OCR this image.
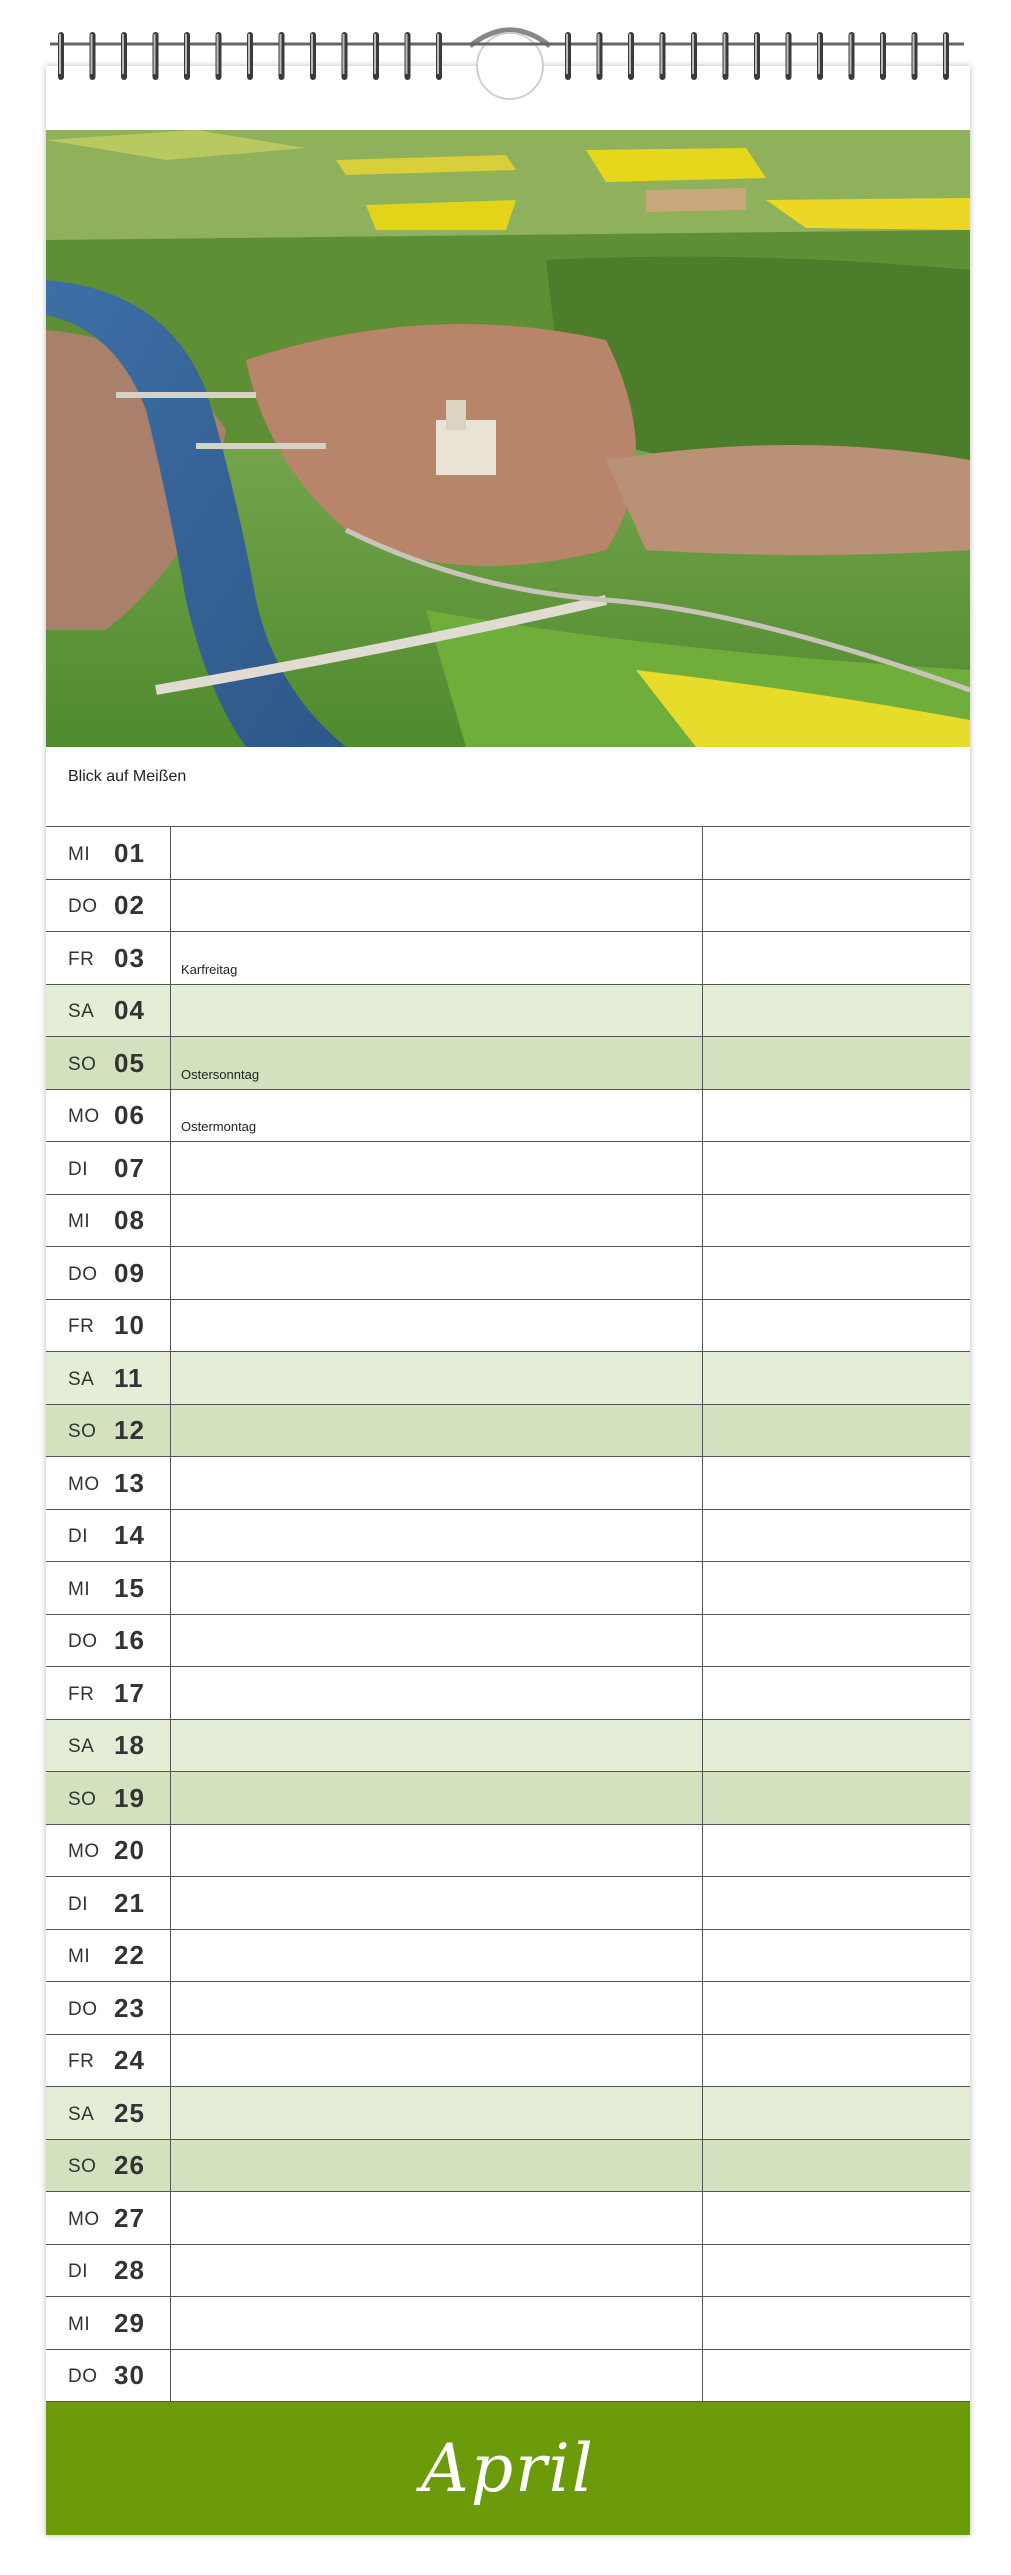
Blick auf Meißen
MI 01
DO 02
FR 03	Karfreitag
SA 04
SO 05	Ostersonntag
MO 06	Ostermontag
DI 07
MI 08
DO 09
FR 10
SA 11
SO 12
MO 13
DI 14
MI 15
DO 16
FR 17
SA 18
SO 19
MO 20
DI 21
MI 22
DO 23
FR 24
SA 25
SO 26
MO 27
DI 28
MI 29
DO 30
April
